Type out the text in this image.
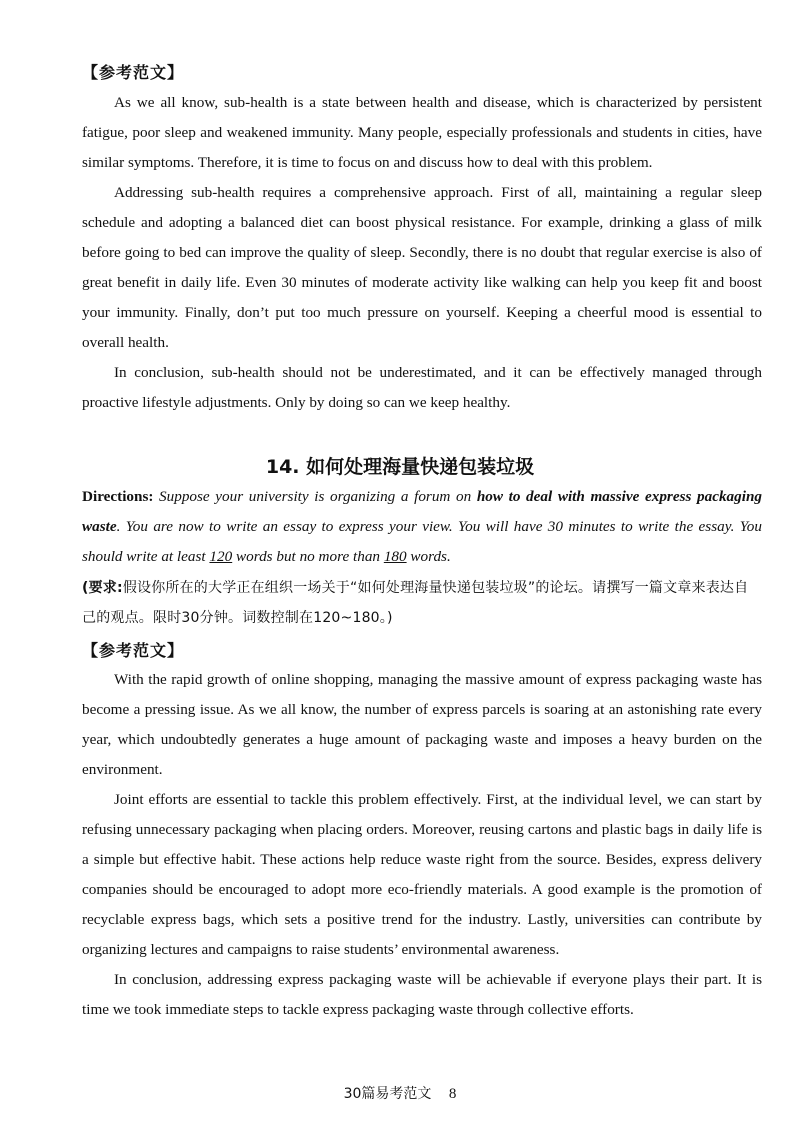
【参考范文】

As we all know, sub-health is a state between health and disease, which is characterized by persistent fatigue, poor sleep and weakened immunity. Many people, especially professionals and students in cities, have similar symptoms. Therefore, it is time to focus on and discuss how to deal with this problem.

Addressing sub-health requires a comprehensive approach. First of all, maintaining a regular sleep schedule and adopting a balanced diet can boost physical resistance. For example, drinking a glass of milk before going to bed can improve the quality of sleep. Secondly, there is no doubt that regular exercise is also of great benefit in daily life. Even 30 minutes of moderate activity like walking can help you keep fit and boost your immunity. Finally, don’t put too much pressure on yourself. Keeping a cheerful mood is essential to overall health.

In conclusion, sub-health should not be underestimated, and it can be effectively managed through proactive lifestyle adjustments. Only by doing so can we keep healthy.

14. 如何处理海量快递包装垃圾
Directions: Suppose your university is organizing a forum on how to deal with massive express packaging waste. You are now to write an essay to express your view. You will have 30 minutes to write the essay. You should write at least 120 words but no more than 180 words.
(要求:假设你所在的大学正在组织一场关于“如何处理海量快递包装垃圾”的论坛。请撰写一篇文章来表达自己的观点。限时30分钟。词数控制在120~180。)
【参考范文】

With the rapid growth of online shopping, managing the massive amount of express packaging waste has become a pressing issue. As we all know, the number of express parcels is soaring at an astonishing rate every year, which undoubtedly generates a huge amount of packaging waste and imposes a heavy burden on the environment.

Joint efforts are essential to tackle this problem effectively. First, at the individual level, we can start by refusing unnecessary packaging when placing orders. Moreover, reusing cartons and plastic bags in daily life is a simple but effective habit. These actions help reduce waste right from the source. Besides, express delivery companies should be encouraged to adopt more eco-friendly materials. A good example is the promotion of recyclable express bags, which sets a positive trend for the industry. Lastly, universities can contribute by organizing lectures and campaigns to raise students’ environmental awareness.

In conclusion, addressing express packaging waste will be achievable if everyone plays their part. It is time we took immediate steps to tackle express packaging waste through collective efforts.

30篇易考范文 8
